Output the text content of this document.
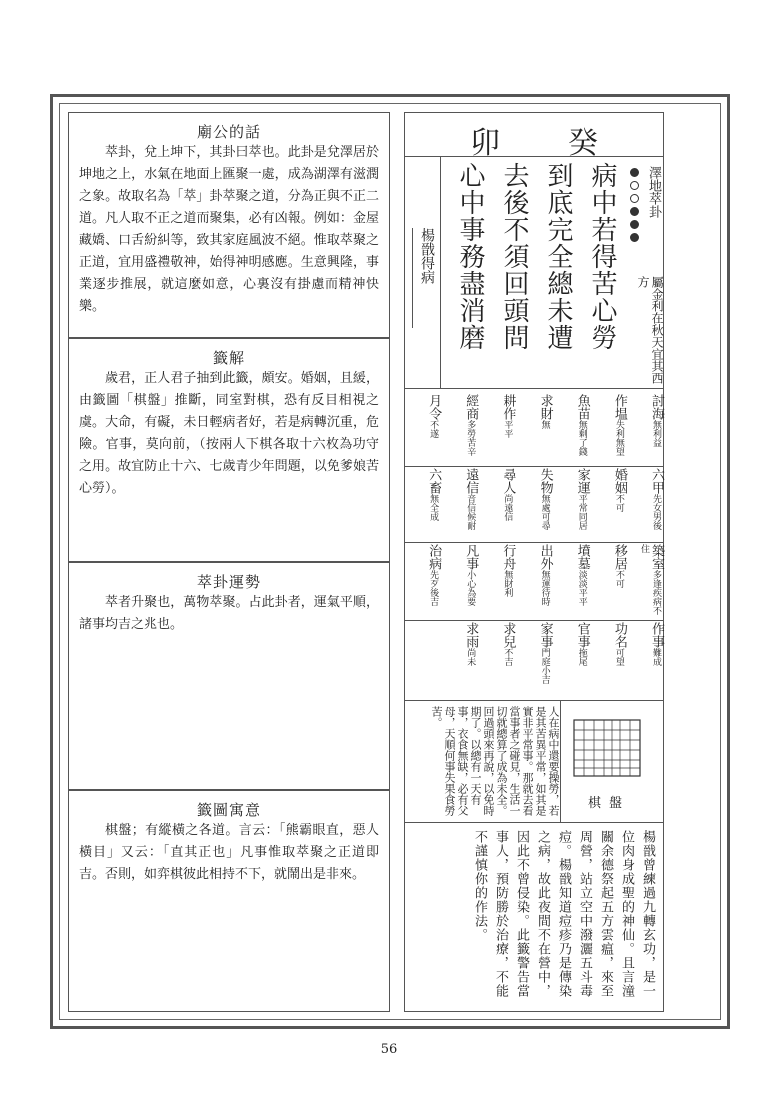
廟公的話

萃卦，兌上坤下，其卦曰萃也。此卦是兌澤居於坤地之上，水氣在地面上匯聚一處，成為湖澤有滋潤之象。故取名為「萃」卦萃聚之道，分為正與不正二道。凡人取不正之道而聚集，必有凶報。例如：金屋藏嬌、口舌紛糾等，致其家庭風波不絕。惟取萃聚之正道，宜用盛禮敬神，始得神明感應。生意興隆，事業逐步推展，就這麼如意，心裏沒有掛慮而精神快樂。

籤解

歲君，正人君子抽到此籤，頗安。婚姻，且緩，由籤圖「棋盤」推斷，同室對棋，恐有反目相視之虞。大命，有礙，未日輕病者好，若是病轉沉重，危險。官事，莫向前，（按兩人下棋各取十六枚為功守之用。故宜防止十六、七歲青少年問題，以免爹娘苦心勞）。

萃卦運勢

萃者升聚也，萬物萃聚。占此卦者，運氣平順，諸事均吉之兆也。

籤圖寓意

棋盤；有縱橫之各道。言云：「熊霸眼直，惡人橫目」又云：「直其正也」凡事惟取萃聚之正道即吉。否則，如弈棋彼此相持不下，就鬧出是非來。

卯 癸
澤地萃卦
屬金利在秋天宜其西方
病中若得苦心勞
到底完全總未遭
去後不須回頭問
心中事務盡消磨
楊戩得病
討海無利益
作塭失利無望
魚苗無剩了錢
求財無
耕作平平
經商多勞苦辛
月令不遂
六甲先女男後
婚姻不可
家運平常同居
失物無處可尋
尋人尚遠信
遠信音信候耐
六畜無全成
築室多逢疾病不住
移居不可
墳墓淡淡平平
出外無運待時
行舟無財利
凡事小心為要
治病先歹後吉
作事難成
功名可望
官事拖尾
家事門庭小吉
求兒不吉
求雨尚未
人在病中還要操勞，若是其苦異平常，如其是實非平常事。那就去看當事者之碰見，生活一切就總算了成為未全。回過頭來再說，以免時期了。以總有一天有事，衣食無缺，必有父母，天順何事失果食勞苦。
棋盤
楊戩曾練過九轉玄功，是一位肉身成聖的神仙。且言潼關余德祭起五方雲瘟，來至周營，站立空中潑灑五斗毒痘。楊戩知道痘疹乃是傳染之病，故此夜間不在營中，因此不曾侵染。此籤警告當事人，預防勝於治療，不能不謹慎你的作法。
56
